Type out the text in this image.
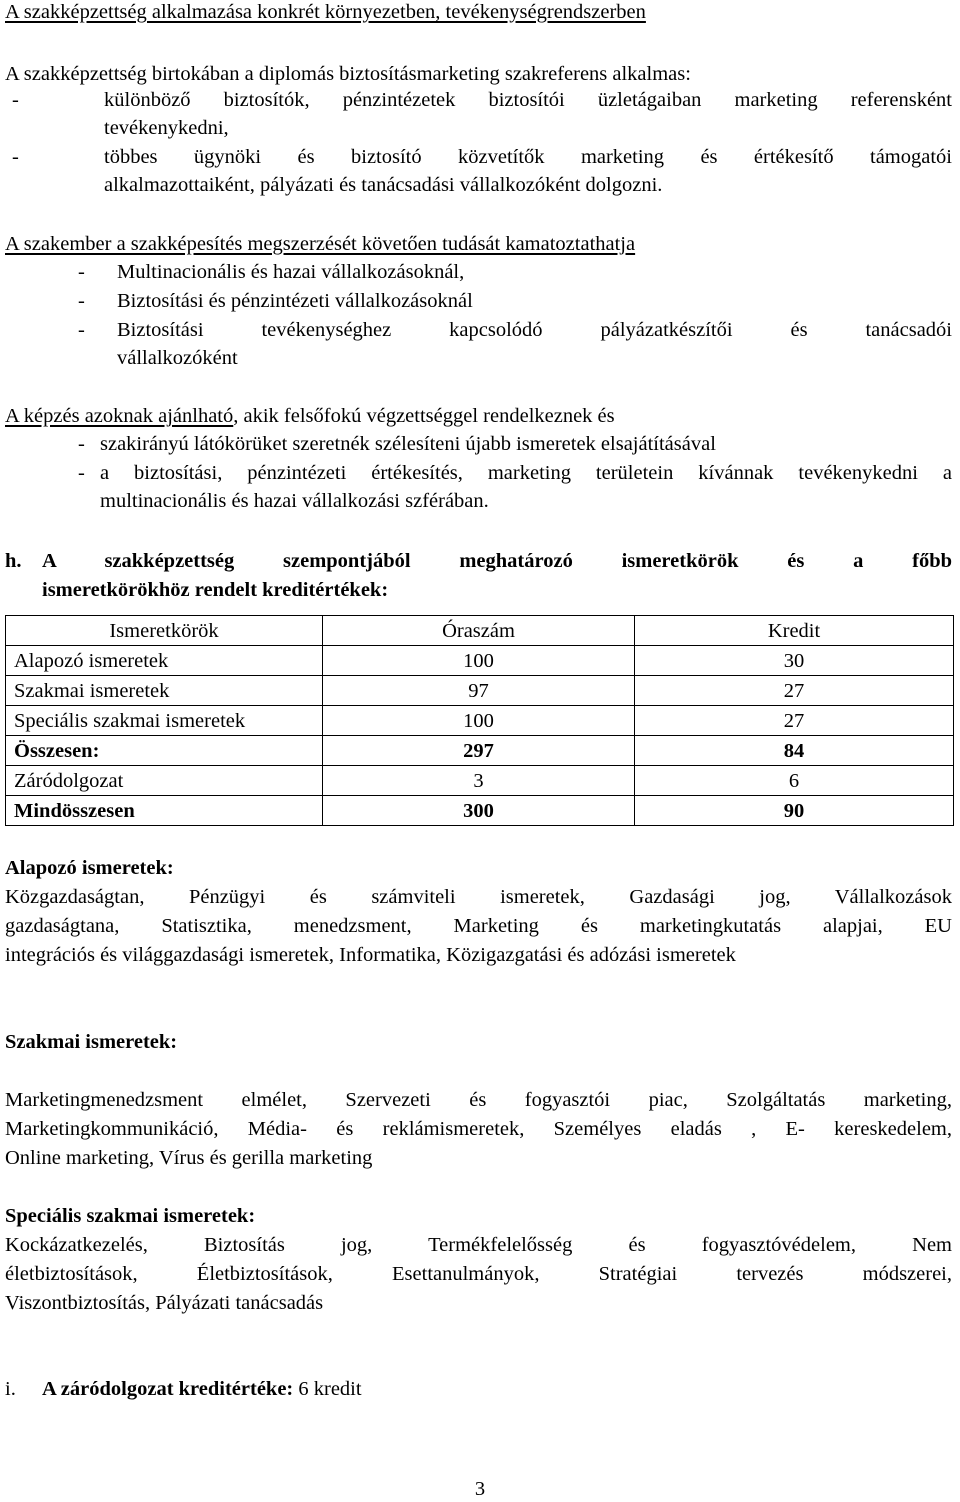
A szakképzettség alkalmazása konkrét környezetben, tevékenységrendszerben
A szakképzettség birtokában a diplomás biztosításmarketing szakreferens alkalmas:
-	különböző biztosítók, pénzintézetek biztosítói üzletágaiban marketing referensként
tevékenykedni,
-	többes ügynöki és biztosító közvetítők marketing és értékesítő támogatói
alkalmazottaiként, pályázati és tanácsadási vállalkozóként dolgozni.
A szakember a szakképesítés megszerzését követően tudását kamatoztathatja
- Multinacionális és hazai vállalkozásoknál,
- Biztosítási és pénzintézeti vállalkozásoknál
- Biztosítási tevékenységhez kapcsolódó pályázatkészítői és tanácsadói
vállalkozóként
A képzés azoknak ajánlható, akik felsőfokú végzettséggel rendelkeznek és
- szakirányú látókörüket szeretnék szélesíteni újabb ismeretek elsajátításával
- a biztosítási, pénzintézeti értékesítés, marketing területein kívánnak tevékenykedni a
multinacionális és hazai vállalkozási szférában.
h. A szakképzettség szempontjából meghatározó ismeretkörök és a főbb
ismeretkörökhöz rendelt kreditértékek:
Ismeretkörök	Óraszám	Kredit
Alapozó ismeretek	100	30
Szakmai ismeretek	97	27
Speciális szakmai ismeretek	100	27
Összesen:	297	84
Záródolgozat	3	6
Mindösszesen	300	90
Alapozó ismeretek:
Közgazdaságtan, Pénzügyi és számviteli ismeretek, Gazdasági jog, Vállalkozások
gazdaságtana, Statisztika, menedzsment, Marketing és marketingkutatás alapjai, EU
integrációs és világgazdasági ismeretek, Informatika, Közigazgatási és adózási ismeretek
Szakmai ismeretek:
Marketingmenedzsment elmélet, Szervezeti és fogyasztói piac, Szolgáltatás marketing,
Marketingkommunikáció, Média- és reklámismeretek, Személyes eladás , E- kereskedelem,
Online marketing, Vírus és gerilla marketing
Speciális szakmai ismeretek:
Kockázatkezelés, Biztosítás jog, Termékfelelősség és fogyasztóvédelem, Nem
életbiztosítások, Életbiztosítások, Esettanulmányok, Stratégiai tervezés módszerei,
Viszontbiztosítás, Pályázati tanácsadás
i. A záródolgozat kreditértéke: 6 kredit
3
